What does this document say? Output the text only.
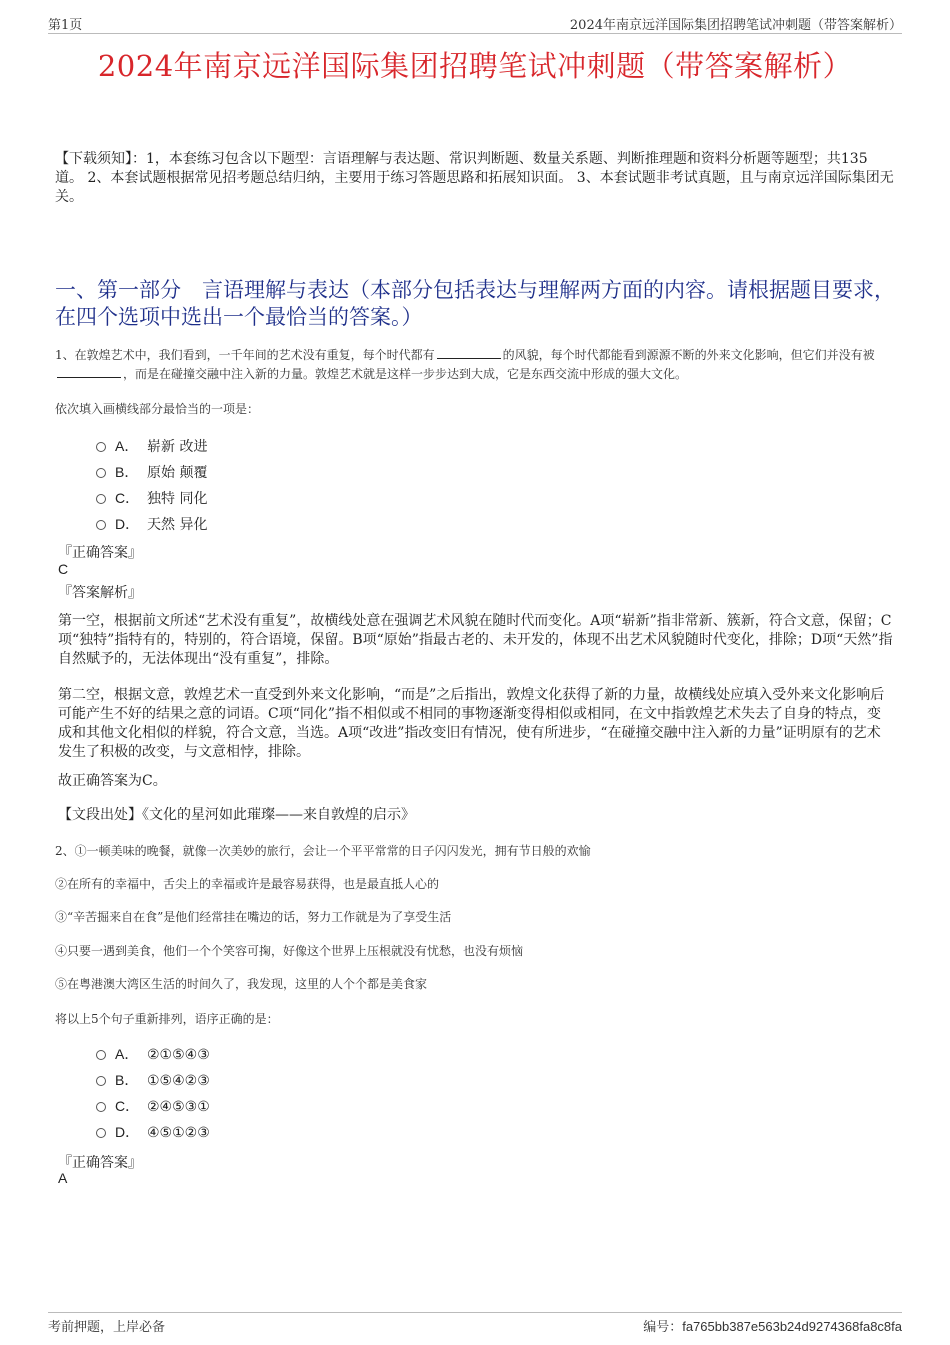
第1页	2024年南京远洋国际集团招聘笔试冲刺题（带答案解析）
2024年南京远洋国际集团招聘笔试冲刺题（带答案解析）
【下载须知】：1，本套练习包含以下题型：言语理解与表达题、常识判断题、数量关系题、判断推理题和资料分析题等题型；共135道。 2、本套试题根据常见招考题总结归纳，主要用于练习答题思路和拓展知识面。 3、本套试题非考试真题，且与南京远洋国际集团无关。
一、第一部分　言语理解与表达（本部分包括表达与理解两方面的内容。请根据题目要求，在四个选项中选出一个最恰当的答案。）
1、在敦煌艺术中，我们看到，一千年间的艺术没有重复，每个时代都有	的风貌，每个时代都能看到源源不断的外来文化影响，但它们并没有被，而是在碰撞交融中注入新的力量。敦煌艺术就是这样一步步达到大成，它是东西交流中形成的强大文化。
依次填入画横线部分最恰当的一项是：
A． 崭新 改进
B． 原始 颠覆
C． 独特 同化
D． 天然 异化
『正确答案』
C
『答案解析』
第一空，根据前文所述“艺术没有重复”，故横线处意在强调艺术风貌在随时代而变化。A项“崭新”指非常新、簇新，符合文意，保留；C项“独特”指特有的，特别的，符合语境，保留。B项“原始”指最古老的、未开发的，体现不出艺术风貌随时代变化，排除；D项“天然”指自然赋予的，无法体现出“没有重复”，排除。
第二空，根据文意，敦煌艺术一直受到外来文化影响，“而是”之后指出，敦煌文化获得了新的力量，故横线处应填入受外来文化影响后可能产生不好的结果之意的词语。C项“同化”指不相似或不相同的事物逐渐变得相似或相同，在文中指敦煌艺术失去了自身的特点，变成和其他文化相似的样貌，符合文意，当选。A项“改进”指改变旧有情况，使有所进步，“在碰撞交融中注入新的力量”证明原有的艺术发生了积极的改变，与文意相悖，排除。
故正确答案为C。
【文段出处】《文化的星河如此璀璨——来自敦煌的启示》
2、①一顿美味的晚餐，就像一次美妙的旅行，会让一个平平常常的日子闪闪发光，拥有节日般的欢愉
②在所有的幸福中，舌尖上的幸福或许是最容易获得，也是最直抵人心的
③“辛苦掘来自在食”是他们经常挂在嘴边的话，努力工作就是为了享受生活
④只要一遇到美食，他们一个个笑容可掬，好像这个世界上压根就没有忧愁，也没有烦恼
⑤在粤港澳大湾区生活的时间久了，我发现，这里的人个个都是美食家
将以上5个句子重新排列，语序正确的是：
A． ②①⑤④③
B． ①⑤④②③
C． ②④⑤③①
D． ④⑤①②③
『正确答案』
A
考前押题，上岸必备	编号：fa765bb387e563b24d9274368fa8c8fa
